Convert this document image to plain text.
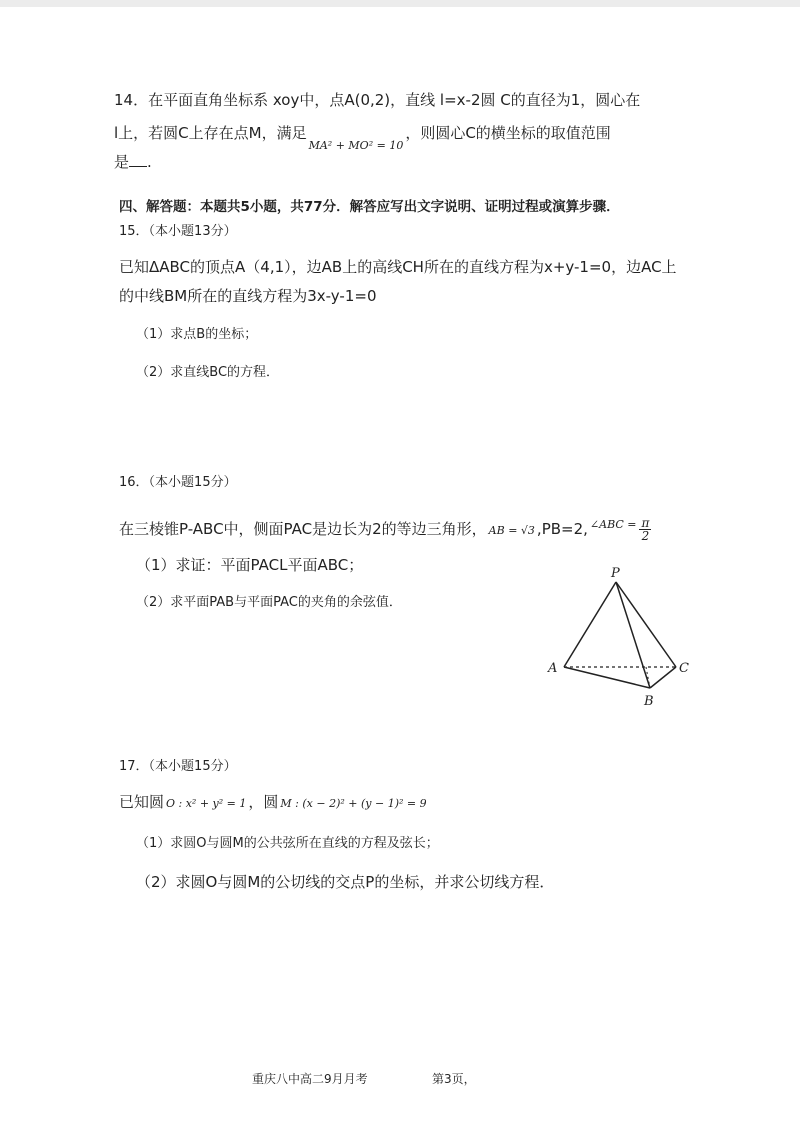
14．在平面直角坐标系 xoy中，点A(0,2)，直线 l=x-2圆 C的直径为1，圆心在
l上，若圆C上存在点M，满足$_{MA^2 + MO^2 = 10}$，则圆心C的横坐标的取值范围
是 .
四、解答题：本题共5小题，共77分．解答应写出文字说明、证明过程或演算步骤．
15．（本小题13分）
已知ΔABC的顶点A（4,1），边AB上的高线CH所在的直线方程为x+y-1=0，边AC上
的中线BM所在的直线方程为3x-y-1=0
（1）求点B的坐标；
（2）求直线BC的方程．
16．（本小题15分）
在三棱锥P-ABC中，侧面PAC是边长为2的等边三角形， AB = √3 ,PB=2, $^{\angle ABC =} \frac{\pi}{2}$
（1）求证：平面PACL平面ABC；
（2）求平面PAB与平面PAC的夹角的余弦值．
P
A	C
B
17．（本小题15分）
已知圆 O : x² + y² = 1 ，圆 M : (x − 2)² + (y − 1)² = 9
（1）求圆O与圆M的公共弦所在直线的方程及弦长；
（2）求圆O与圆M的公切线的交点P的坐标，并求公切线方程．
重庆八中高二9月月考	第3页，
